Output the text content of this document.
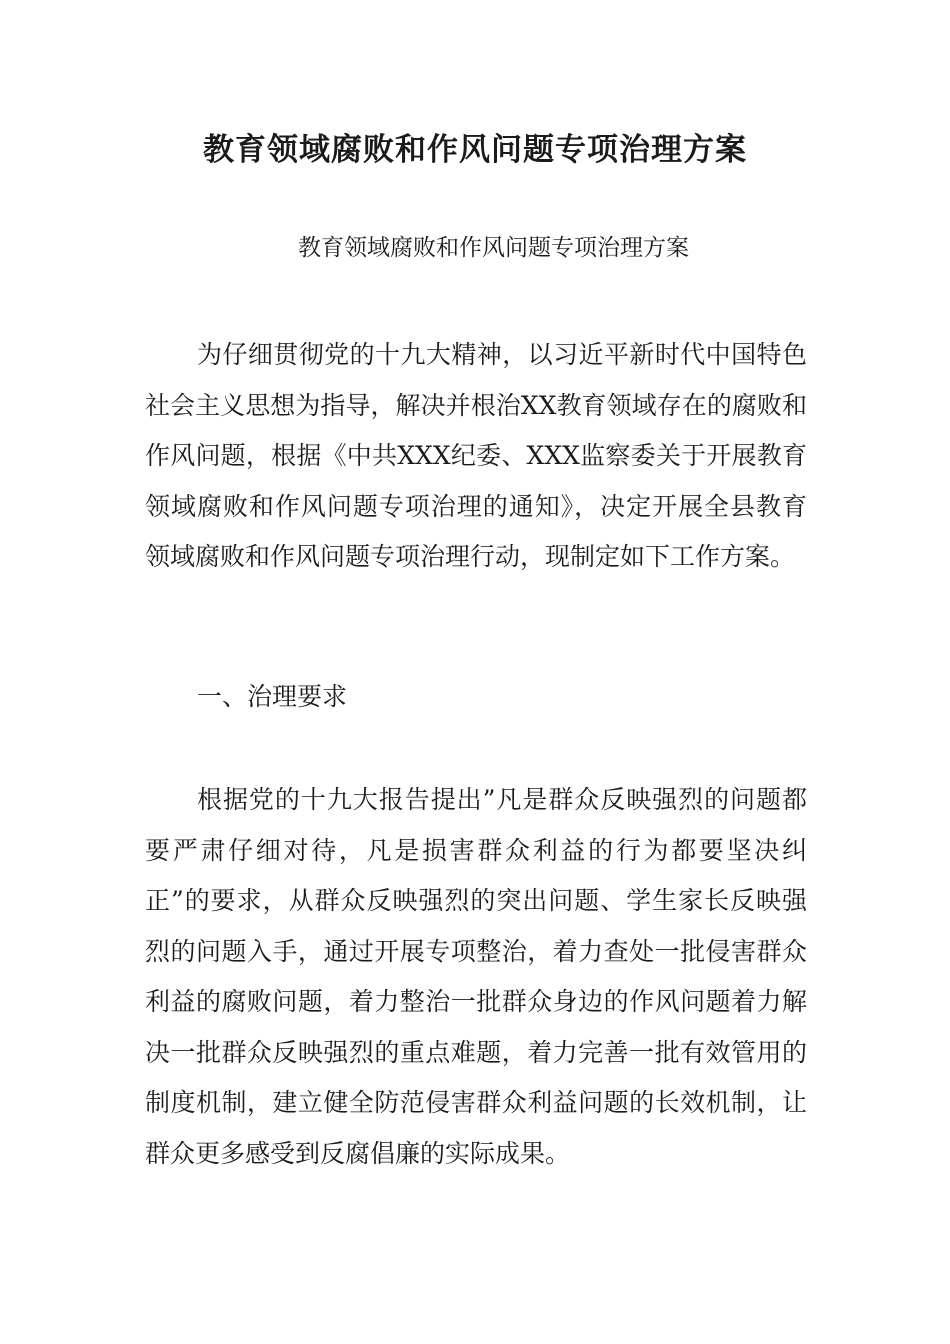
教育领域腐败和作风问题专项治理方案

教育领域腐败和作风问题专项治理方案

为仔细贯彻党的十九大精神，以习近平新时代中国特色社会主义思想为指导，解决并根治XX教育领域存在的腐败和作风问题，根据《中共XXX纪委、XXX监察委关于开展教育领域腐败和作风问题专项治理的通知》，决定开展全县教育领域腐败和作风问题专项治理行动，现制定如下工作方案。

一、治理要求

根据党的十九大报告提出”凡是群众反映强烈的问题都要严肃仔细对待，凡是损害群众利益的行为都要坚决纠正”的要求，从群众反映强烈的突出问题、学生家长反映强烈的问题入手，通过开展专项整治，着力查处一批侵害群众利益的腐败问题，着力整治一批群众身边的作风问题着力解决一批群众反映强烈的重点难题，着力完善一批有效管用的制度机制，建立健全防范侵害群众利益问题的长效机制，让群众更多感受到反腐倡廉的实际成果。
